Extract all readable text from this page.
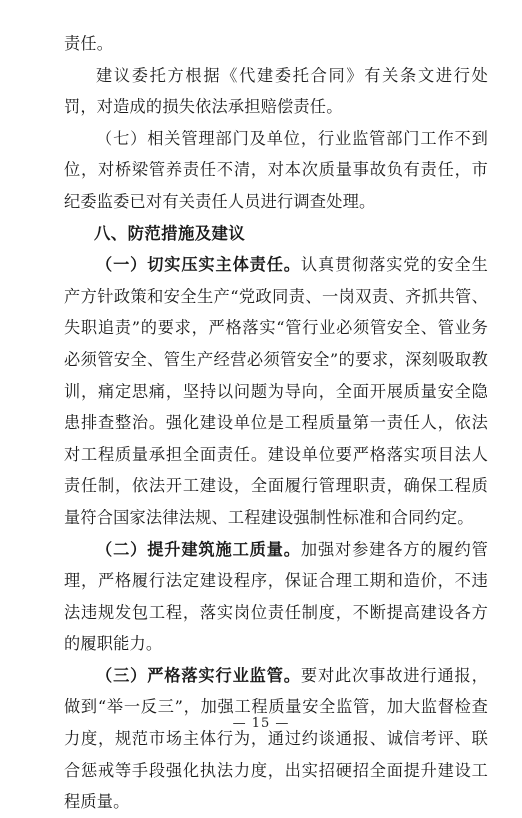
责任。

建议委托方根据《代建委托合同》有关条文进行处罚，对造成的损失依法承担赔偿责任。

（七）相关管理部门及单位，行业监管部门工作不到位，对桥梁管养责任不清，对本次质量事故负有责任，市纪委监委已对有关责任人员进行调查处理。

八、防范措施及建议

（一）切实压实主体责任。认真贯彻落实党的安全生产方针政策和安全生产“党政同责、一岗双责、齐抓共管、失职追责”的要求，严格落实“管行业必须管安全、管业务必须管安全、管生产经营必须管安全”的要求，深刻吸取教训，痛定思痛，坚持以问题为导向，全面开展质量安全隐患排查整治。强化建设单位是工程质量第一责任人，依法对工程质量承担全面责任。建设单位要严格落实项目法人责任制，依法开工建设，全面履行管理职责，确保工程质量符合国家法律法规、工程建设强制性标准和合同约定。

（二）提升建筑施工质量。加强对参建各方的履约管理，严格履行法定建设程序，保证合理工期和造价，不违法违规发包工程，落实岗位责任制度，不断提高建设各方的履职能力。

（三）严格落实行业监管。要对此次事故进行通报，做到“举一反三”，加强工程质量安全监管，加大监督检查力度，规范市场主体行为，通过约谈通报、诚信考评、联合惩戒等手段强化执法力度，出实招硬招全面提升建设工程质量。

— 15 —
